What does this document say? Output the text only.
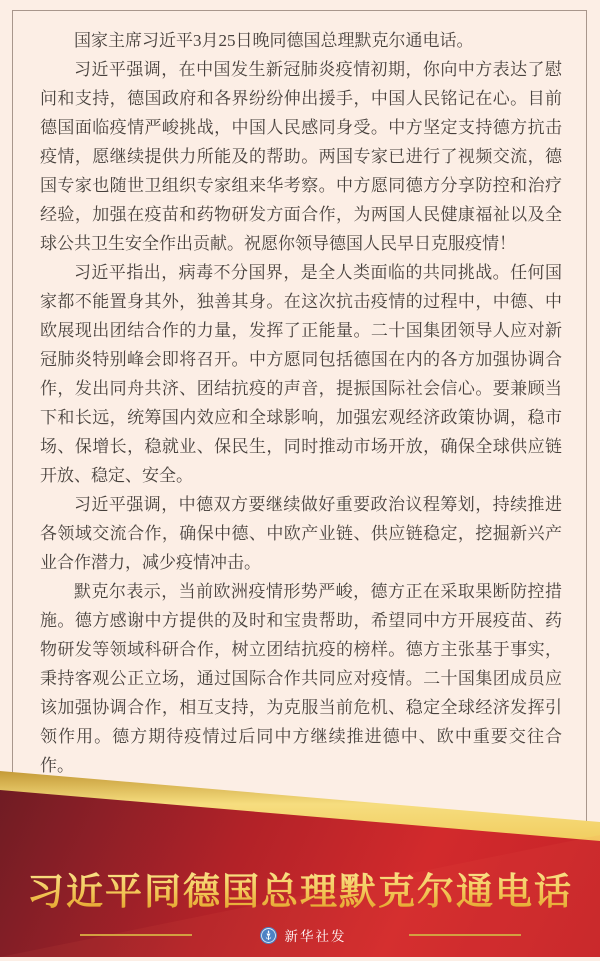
国家主席习近平3月25日晚同德国总理默克尔通电话。

习近平强调，在中国发生新冠肺炎疫情初期，你向中方表达了慰问和支持，德国政府和各界纷纷伸出援手，中国人民铭记在心。目前德国面临疫情严峻挑战，中国人民感同身受。中方坚定支持德方抗击疫情，愿继续提供力所能及的帮助。两国专家已进行了视频交流，德国专家也随世卫组织专家组来华考察。中方愿同德方分享防控和治疗经验，加强在疫苗和药物研发方面合作，为两国人民健康福祉以及全球公共卫生安全作出贡献。祝愿你领导德国人民早日克服疫情！

习近平指出，病毒不分国界，是全人类面临的共同挑战。任何国家都不能置身其外，独善其身。在这次抗击疫情的过程中，中德、中欧展现出团结合作的力量，发挥了正能量。二十国集团领导人应对新冠肺炎特别峰会即将召开。中方愿同包括德国在内的各方加强协调合作，发出同舟共济、团结抗疫的声音，提振国际社会信心。要兼顾当下和长远，统筹国内效应和全球影响，加强宏观经济政策协调，稳市场、保增长，稳就业、保民生，同时推动市场开放，确保全球供应链开放、稳定、安全。

习近平强调，中德双方要继续做好重要政治议程筹划，持续推进各领域交流合作，确保中德、中欧产业链、供应链稳定，挖掘新兴产业合作潜力，减少疫情冲击。

默克尔表示，当前欧洲疫情形势严峻，德方正在采取果断防控措施。德方感谢中方提供的及时和宝贵帮助，希望同中方开展疫苗、药物研发等领域科研合作，树立团结抗疫的榜样。德方主张基于事实，秉持客观公正立场，通过国际合作共同应对疫情。二十国集团成员应该加强协调合作，相互支持，为克服当前危机、稳定全球经济发挥引领作用。德方期待疫情过后同中方继续推进德中、欧中重要交往合作。

习近平同德国总理默克尔通电话
新华社发
